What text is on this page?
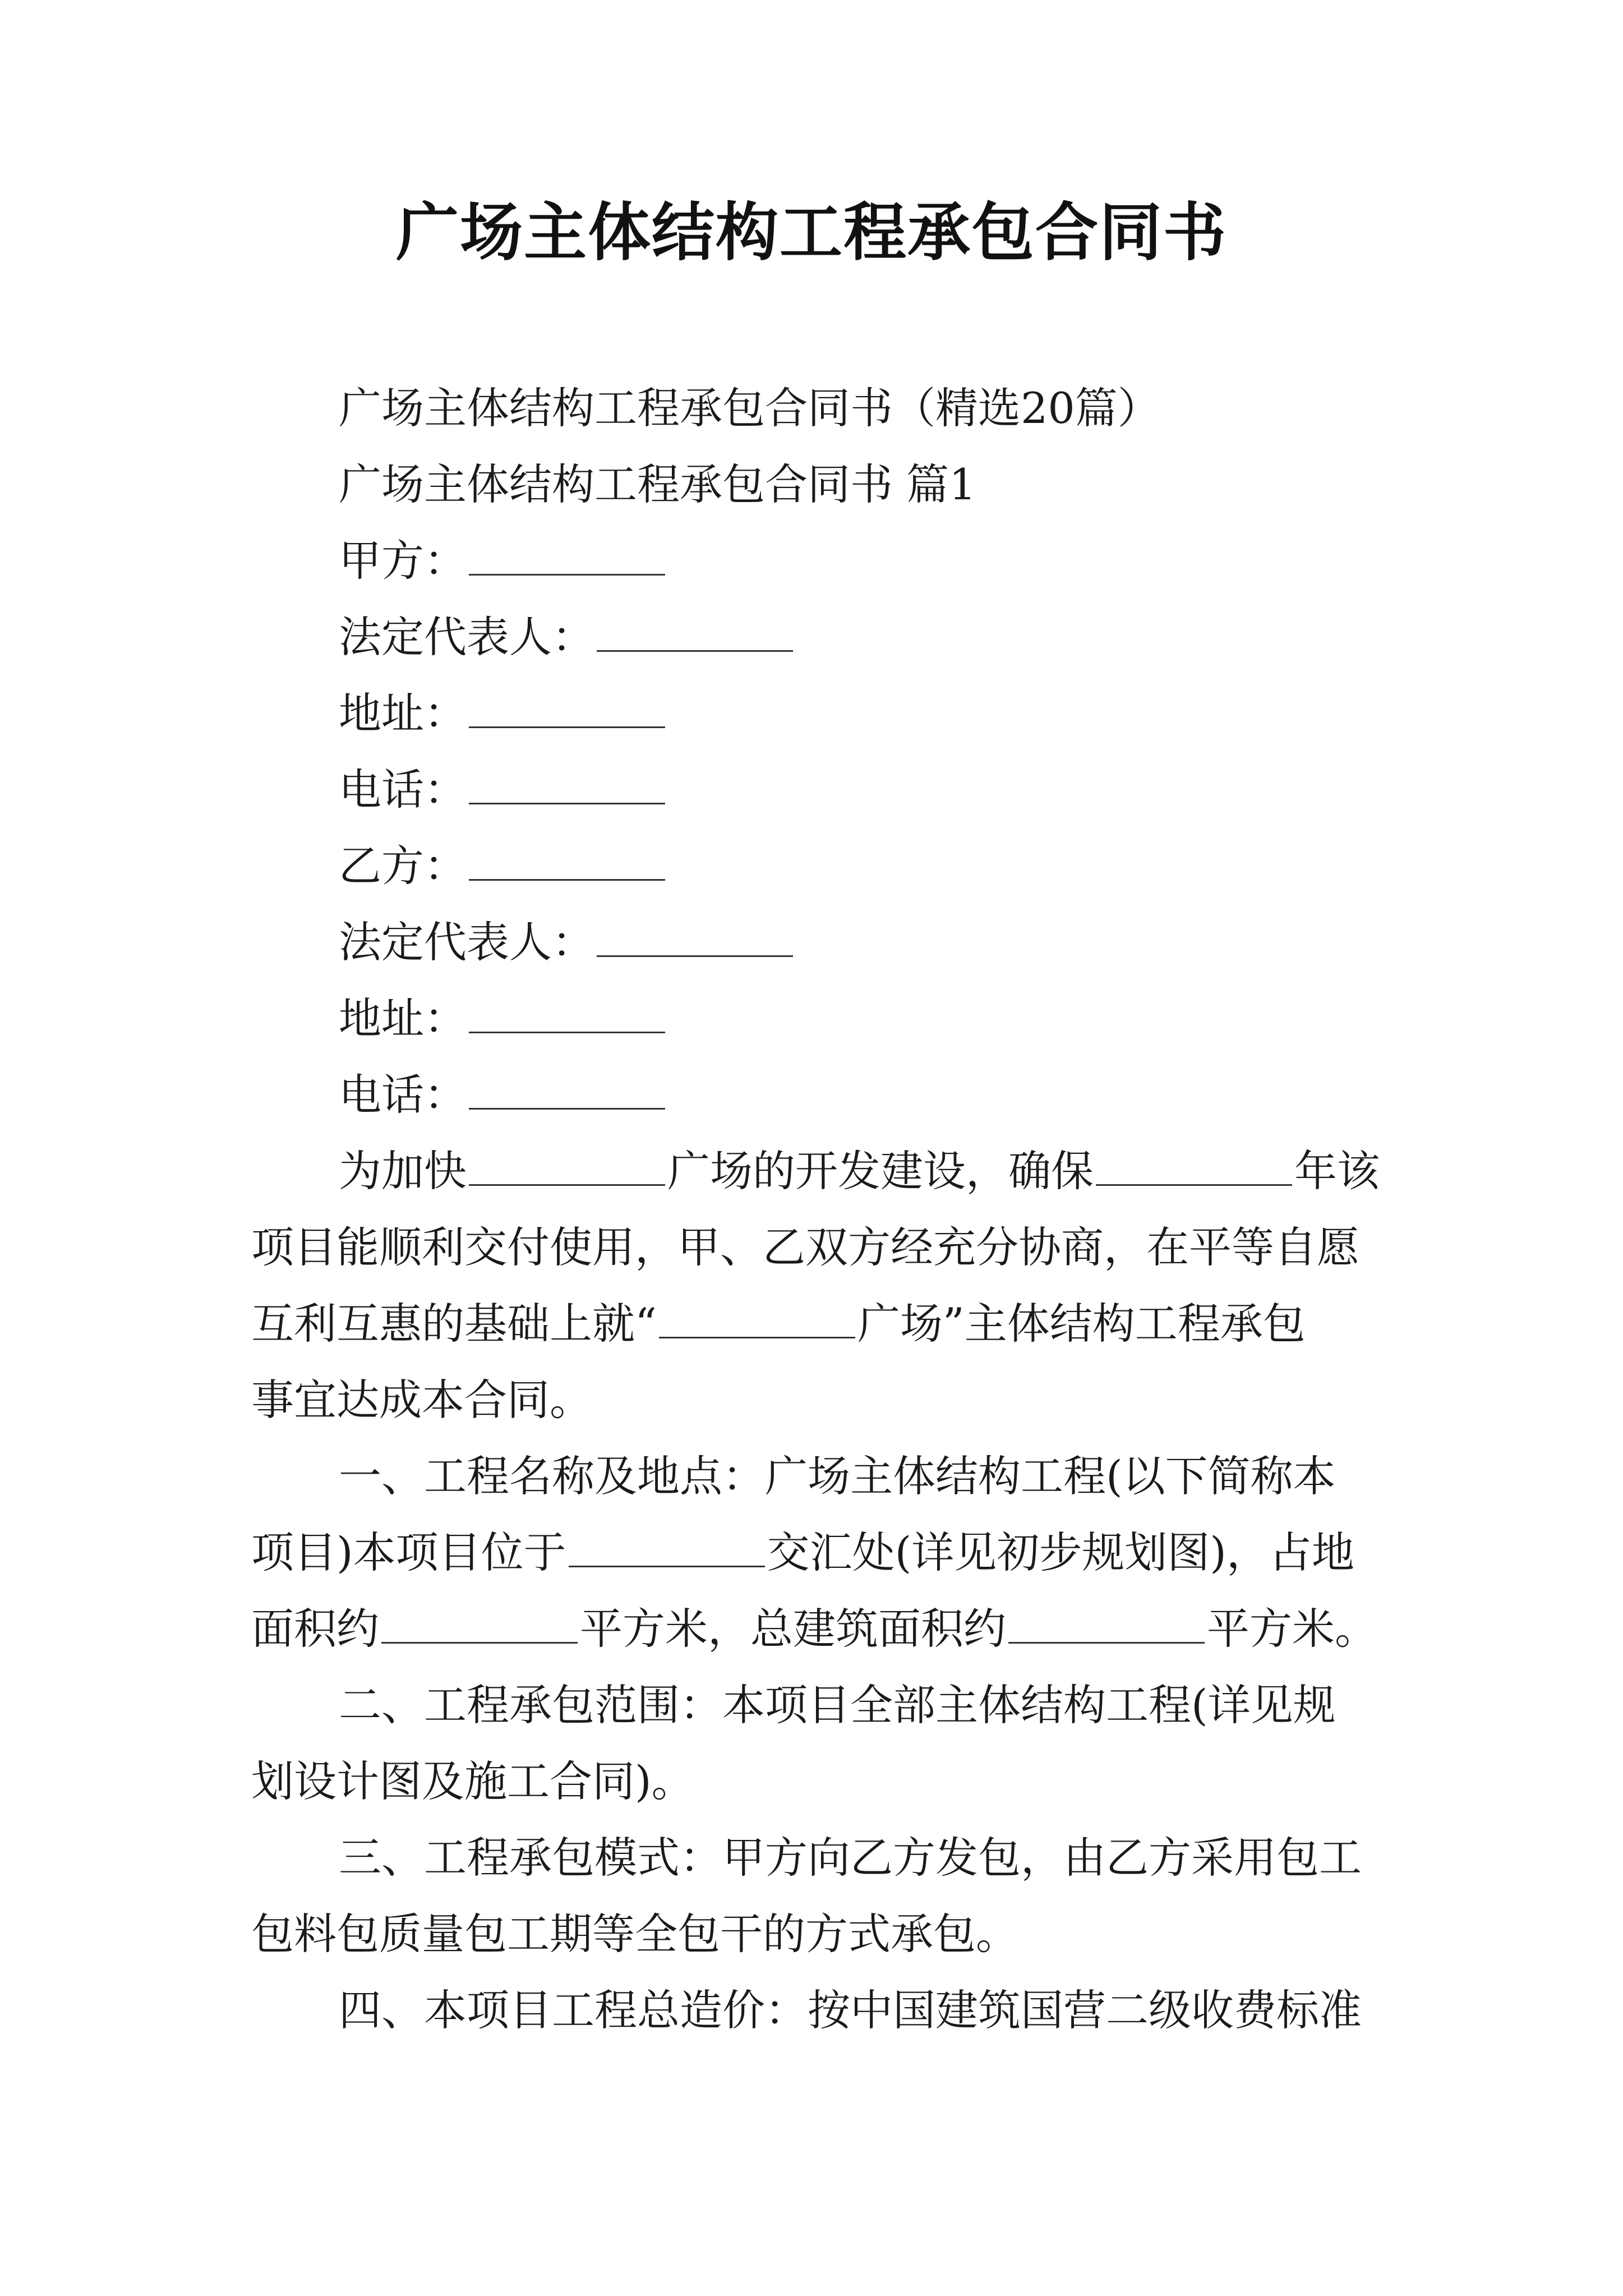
广场主体结构工程承包合同书
广场主体结构工程承包合同书（精选20篇）
广场主体结构工程承包合同书 篇1
甲方：
法定代表人：
地址：
电话：
乙方：
法定代表人：
地址：
电话：
为加快	广场的开发建设，确保	年该
项目能顺利交付使用，甲、乙双方经充分协商，在平等自愿
互利互惠的基础上就“	广场”主体结构工程承包
事宜达成本合同。
一、工程名称及地点：广场主体结构工程(以下简称本
项目)本项目位于	交汇处(详见初步规划图)，占地
面积约	平方米，总建筑面积约	平方米。
二、工程承包范围：本项目全部主体结构工程(详见规
划设计图及施工合同)。
三、工程承包模式：甲方向乙方发包，由乙方采用包工
包料包质量包工期等全包干的方式承包。
四、本项目工程总造价：按中国建筑国营二级收费标准
